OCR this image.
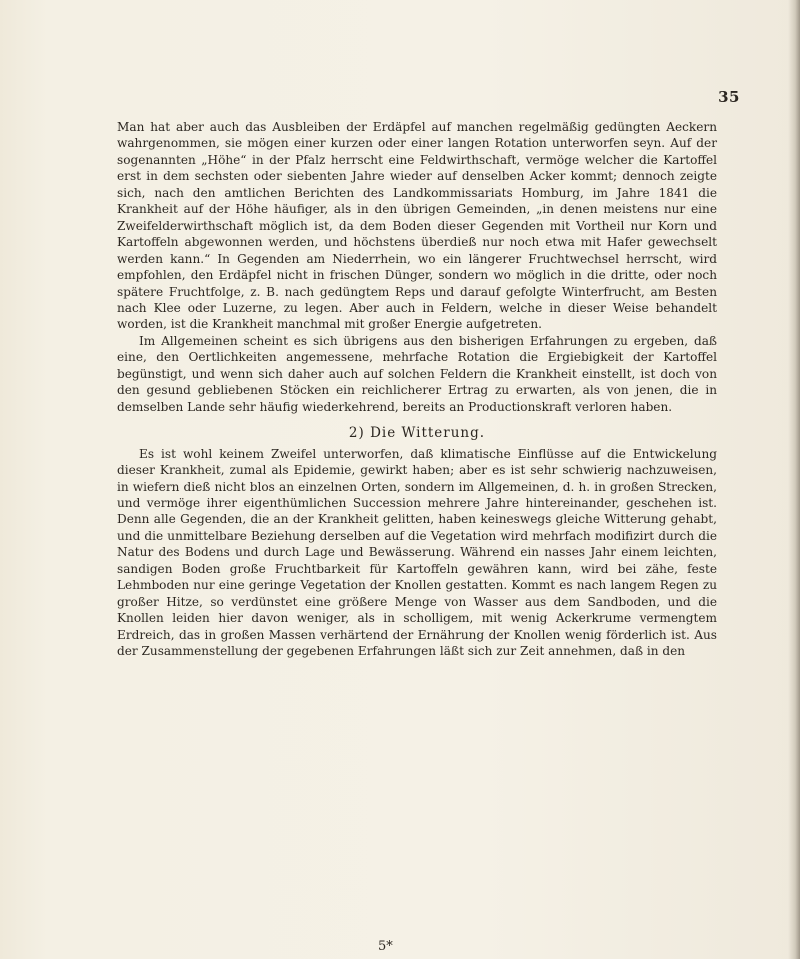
35

Man hat aber auch das Ausbleiben der Erdäpfel auf manchen regelmäßig gedüngten Aeckern wahrgenommen, sie mögen einer kurzen oder einer langen Rotation unterworfen seyn. Auf der sogenannten „Höhe“ in der Pfalz herrscht eine Feldwirthschaft, vermöge welcher die Kartoffel erst in dem sechsten oder siebenten Jahre wieder auf denselben Acker kommt; dennoch zeigte sich, nach den amtlichen Berichten des Landkommissariats Homburg, im Jahre 1841 die Krankheit auf der Höhe häufiger, als in den übrigen Gemeinden, „in denen meistens nur eine Zweifelderwirthschaft möglich ist, da dem Boden dieser Gegenden mit Vortheil nur Korn und Kartoffeln abgewonnen werden, und höchstens überdieß nur noch etwa mit Hafer gewechselt werden kann.“ In Gegenden am Niederrhein, wo ein längerer Fruchtwechsel herrscht, wird empfohlen, den Erdäpfel nicht in frischen Dünger, sondern wo möglich in die dritte, oder noch spätere Fruchtfolge, z. B. nach gedüngtem Reps und darauf gefolgte Winterfrucht, am Besten nach Klee oder Luzerne, zu legen. Aber auch in Feldern, welche in dieser Weise behandelt worden, ist die Krankheit manchmal mit großer Energie aufgetreten.

Im Allgemeinen scheint es sich übrigens aus den bisherigen Erfahrungen zu ergeben, daß eine, den Oertlichkeiten angemessene, mehrfache Rotation die Ergiebigkeit der Kartoffel begünstigt, und wenn sich daher auch auf solchen Feldern die Krankheit einstellt, ist doch von den gesund gebliebenen Stöcken ein reichlicherer Ertrag zu erwarten, als von jenen, die in demselben Lande sehr häufig wiederkehrend, bereits an Productionskraft verloren haben.

2) Die Witterung.

Es ist wohl keinem Zweifel unterworfen, daß klimatische Einflüsse auf die Entwickelung dieser Krankheit, zumal als Epidemie, gewirkt haben; aber es ist sehr schwierig nachzuweisen, in wiefern dieß nicht blos an einzelnen Orten, sondern im Allgemeinen, d. h. in großen Strecken, und vermöge ihrer eigenthümlichen Succession mehrere Jahre hintereinander, geschehen ist. Denn alle Gegenden, die an der Krankheit gelitten, haben keineswegs gleiche Witterung gehabt, und die unmittelbare Beziehung derselben auf die Vegetation wird mehrfach modifizirt durch die Natur des Bodens und durch Lage und Bewässerung. Während ein nasses Jahr einem leichten, sandigen Boden große Fruchtbarkeit für Kartoffeln gewähren kann, wird bei zähe, feste Lehmboden nur eine geringe Vegetation der Knollen gestatten. Kommt es nach langem Regen zu großer Hitze, so verdünstet eine größere Menge von Wasser aus dem Sandboden, und die Knollen leiden hier davon weniger, als in scholligem, mit wenig Ackerkrume vermengtem Erdreich, das in großen Massen verhärtend der Ernährung der Knollen wenig förderlich ist. Aus der Zusammenstellung der gegebenen Erfahrungen läßt sich zur Zeit annehmen, daß in den

5*
